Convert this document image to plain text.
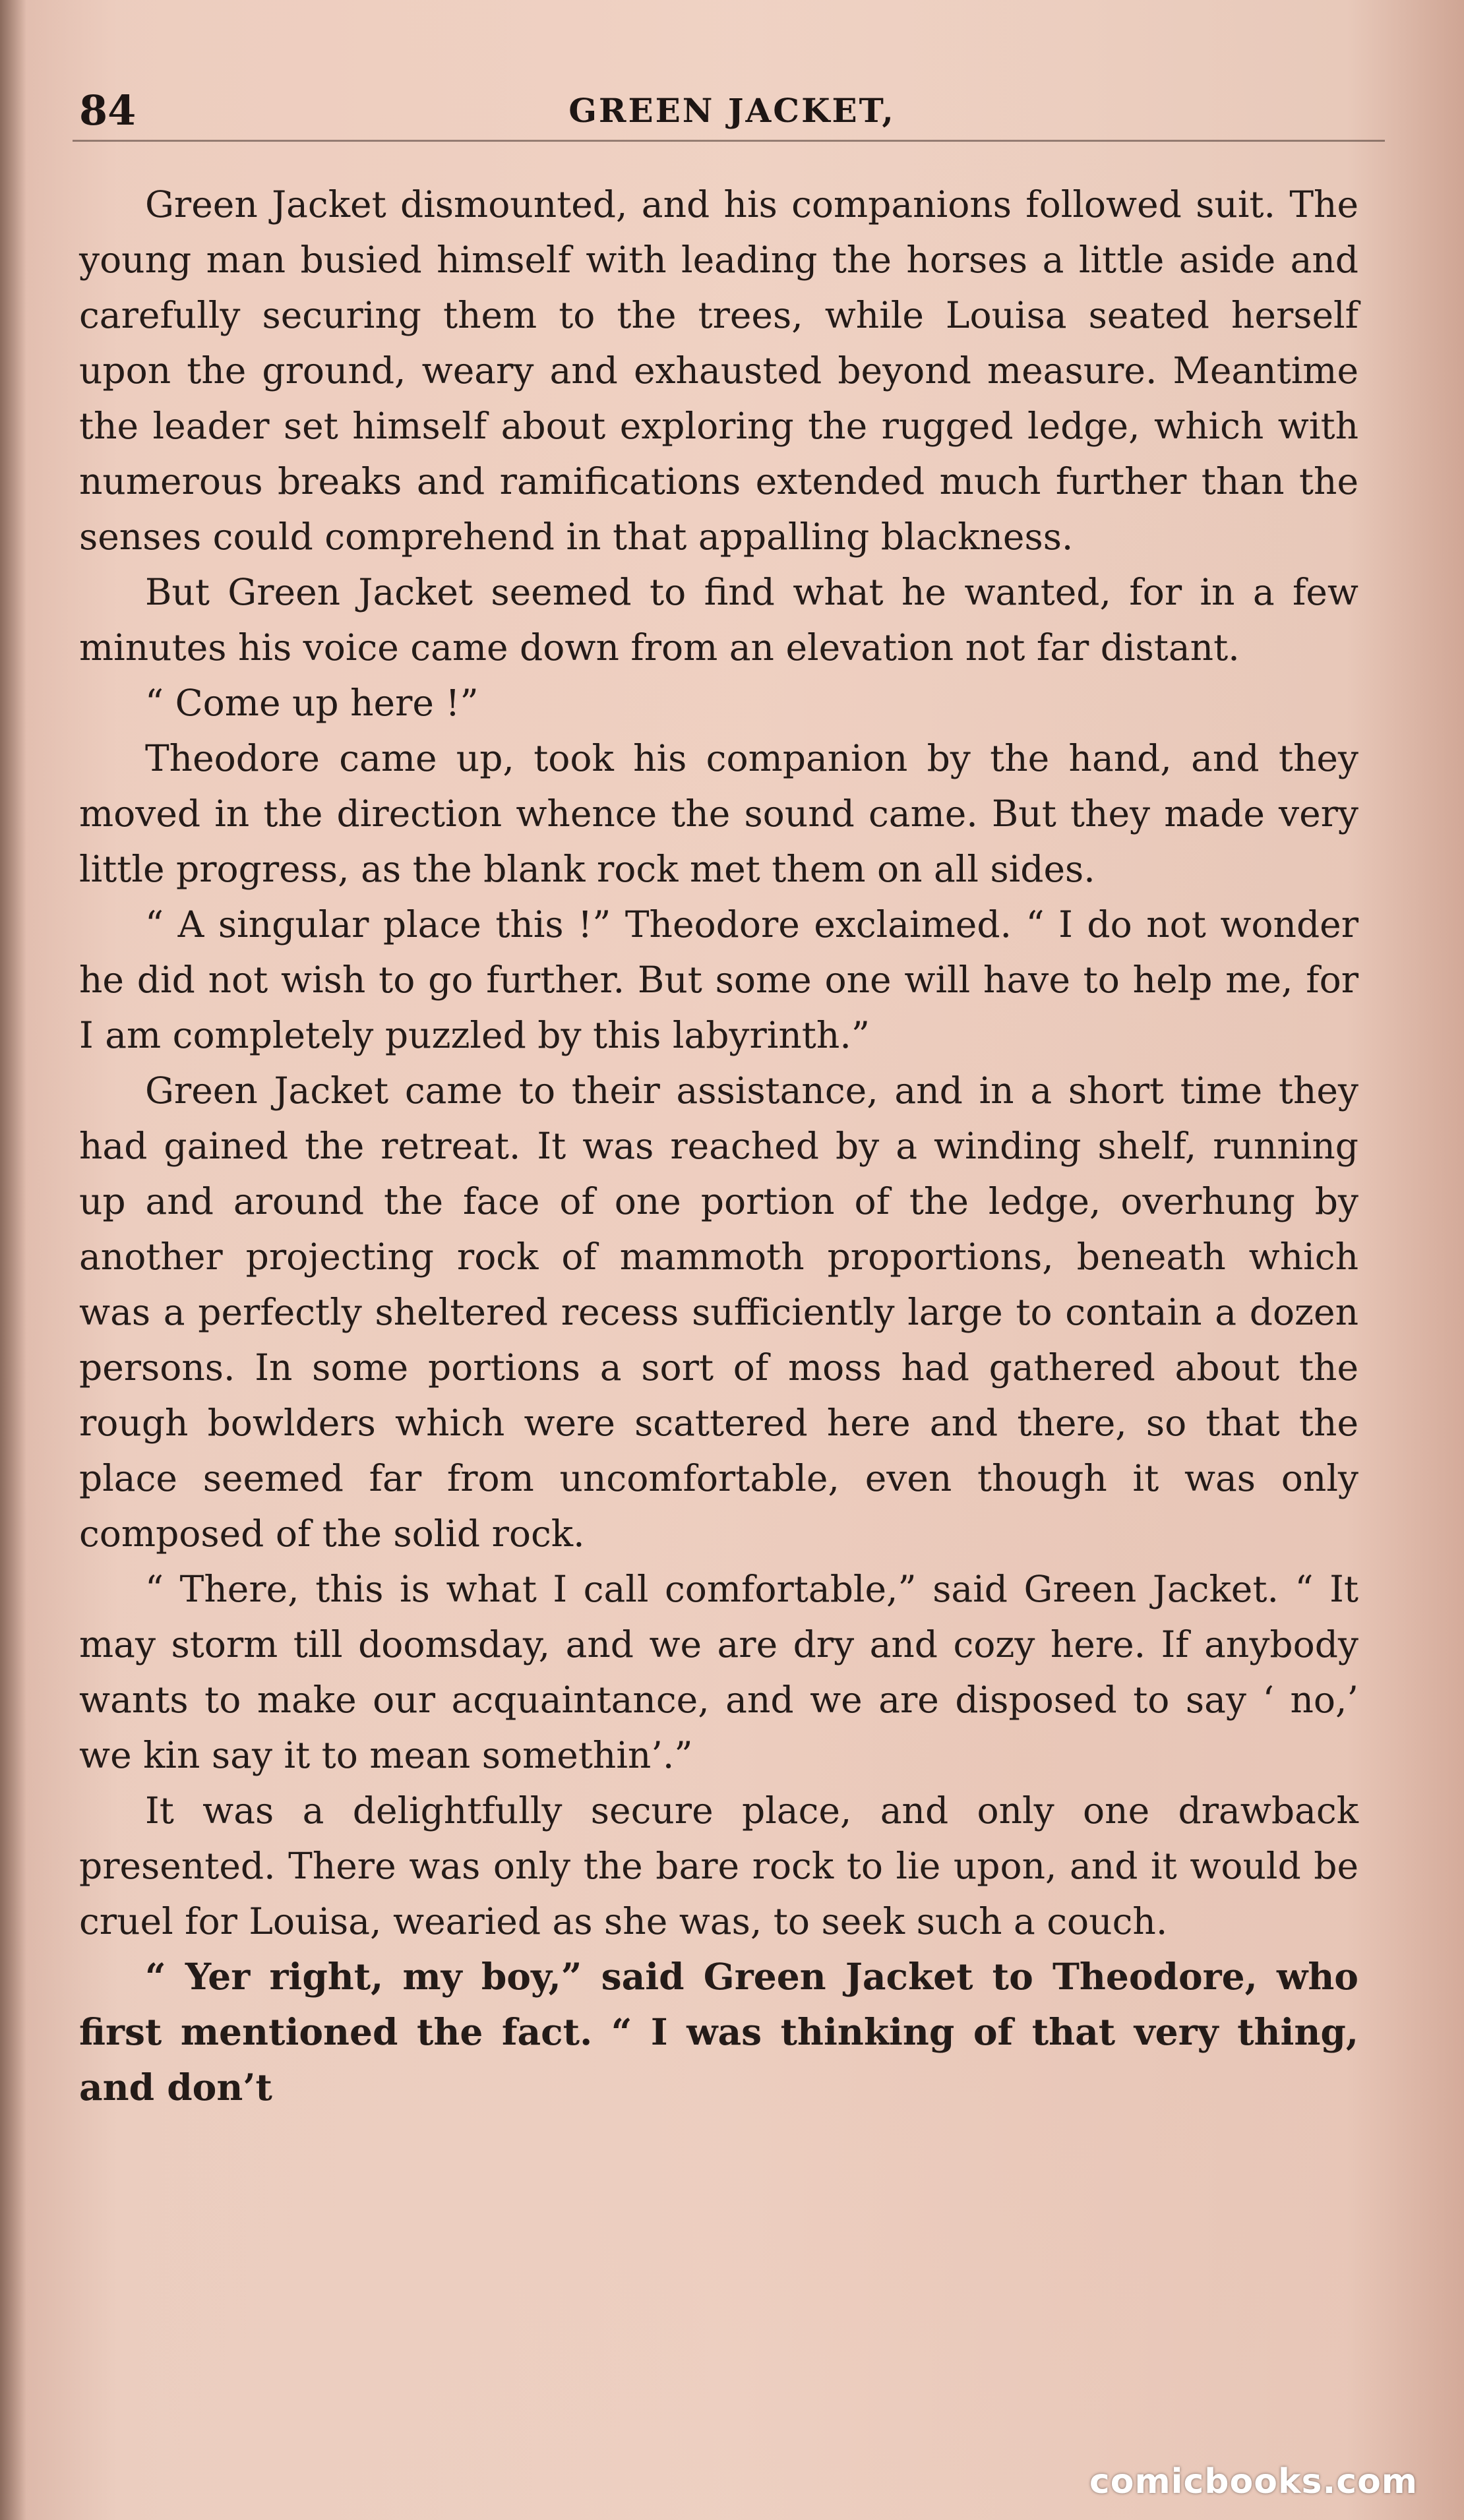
GREEN JACKET,
84

Green Jacket dismounted, and his companions followed suit. The young man busied himself with leading the horses a little aside and carefully securing them to the trees, while Louisa seated herself upon the ground, weary and exhausted beyond measure. Meantime the leader set himself about exploring the rugged ledge, which with numerous breaks and ramifications extended much further than the senses could comprehend in that appalling blackness.

But Green Jacket seemed to find what he wanted, for in a few minutes his voice came down from an elevation not far distant.

“ Come up here !”

Theodore came up, took his companion by the hand, and they moved in the direction whence the sound came. But they made very little progress, as the blank rock met them on all sides.

“ A singular place this !” Theodore exclaimed. “ I do not wonder he did not wish to go further. But some one will have to help me, for I am completely puzzled by this labyrinth.”

Green Jacket came to their assistance, and in a short time they had gained the retreat. It was reached by a winding shelf, running up and around the face of one portion of the ledge, overhung by another projecting rock of mammoth proportions, beneath which was a perfectly sheltered recess sufficiently large to contain a dozen persons. In some portions a sort of moss had gathered about the rough bowlders which were scattered here and there, so that the place seemed far from uncomfortable, even though it was only composed of the solid rock.

“ There, this is what I call comfortable,” said Green Jacket. “ It may storm till doomsday, and we are dry and cozy here. If anybody wants to make our acquaintance, and we are disposed to say ‘ no,’ we kin say it to mean somethin’.”

It was a delightfully secure place, and only one drawback presented. There was only the bare rock to lie upon, and it would be cruel for Louisa, wearied as she was, to seek such a couch.

“ Yer right, my boy,” said Green Jacket to Theodore, who first mentioned the fact. “ I was thinking of that very thing, and don’t

comicbooks.com
